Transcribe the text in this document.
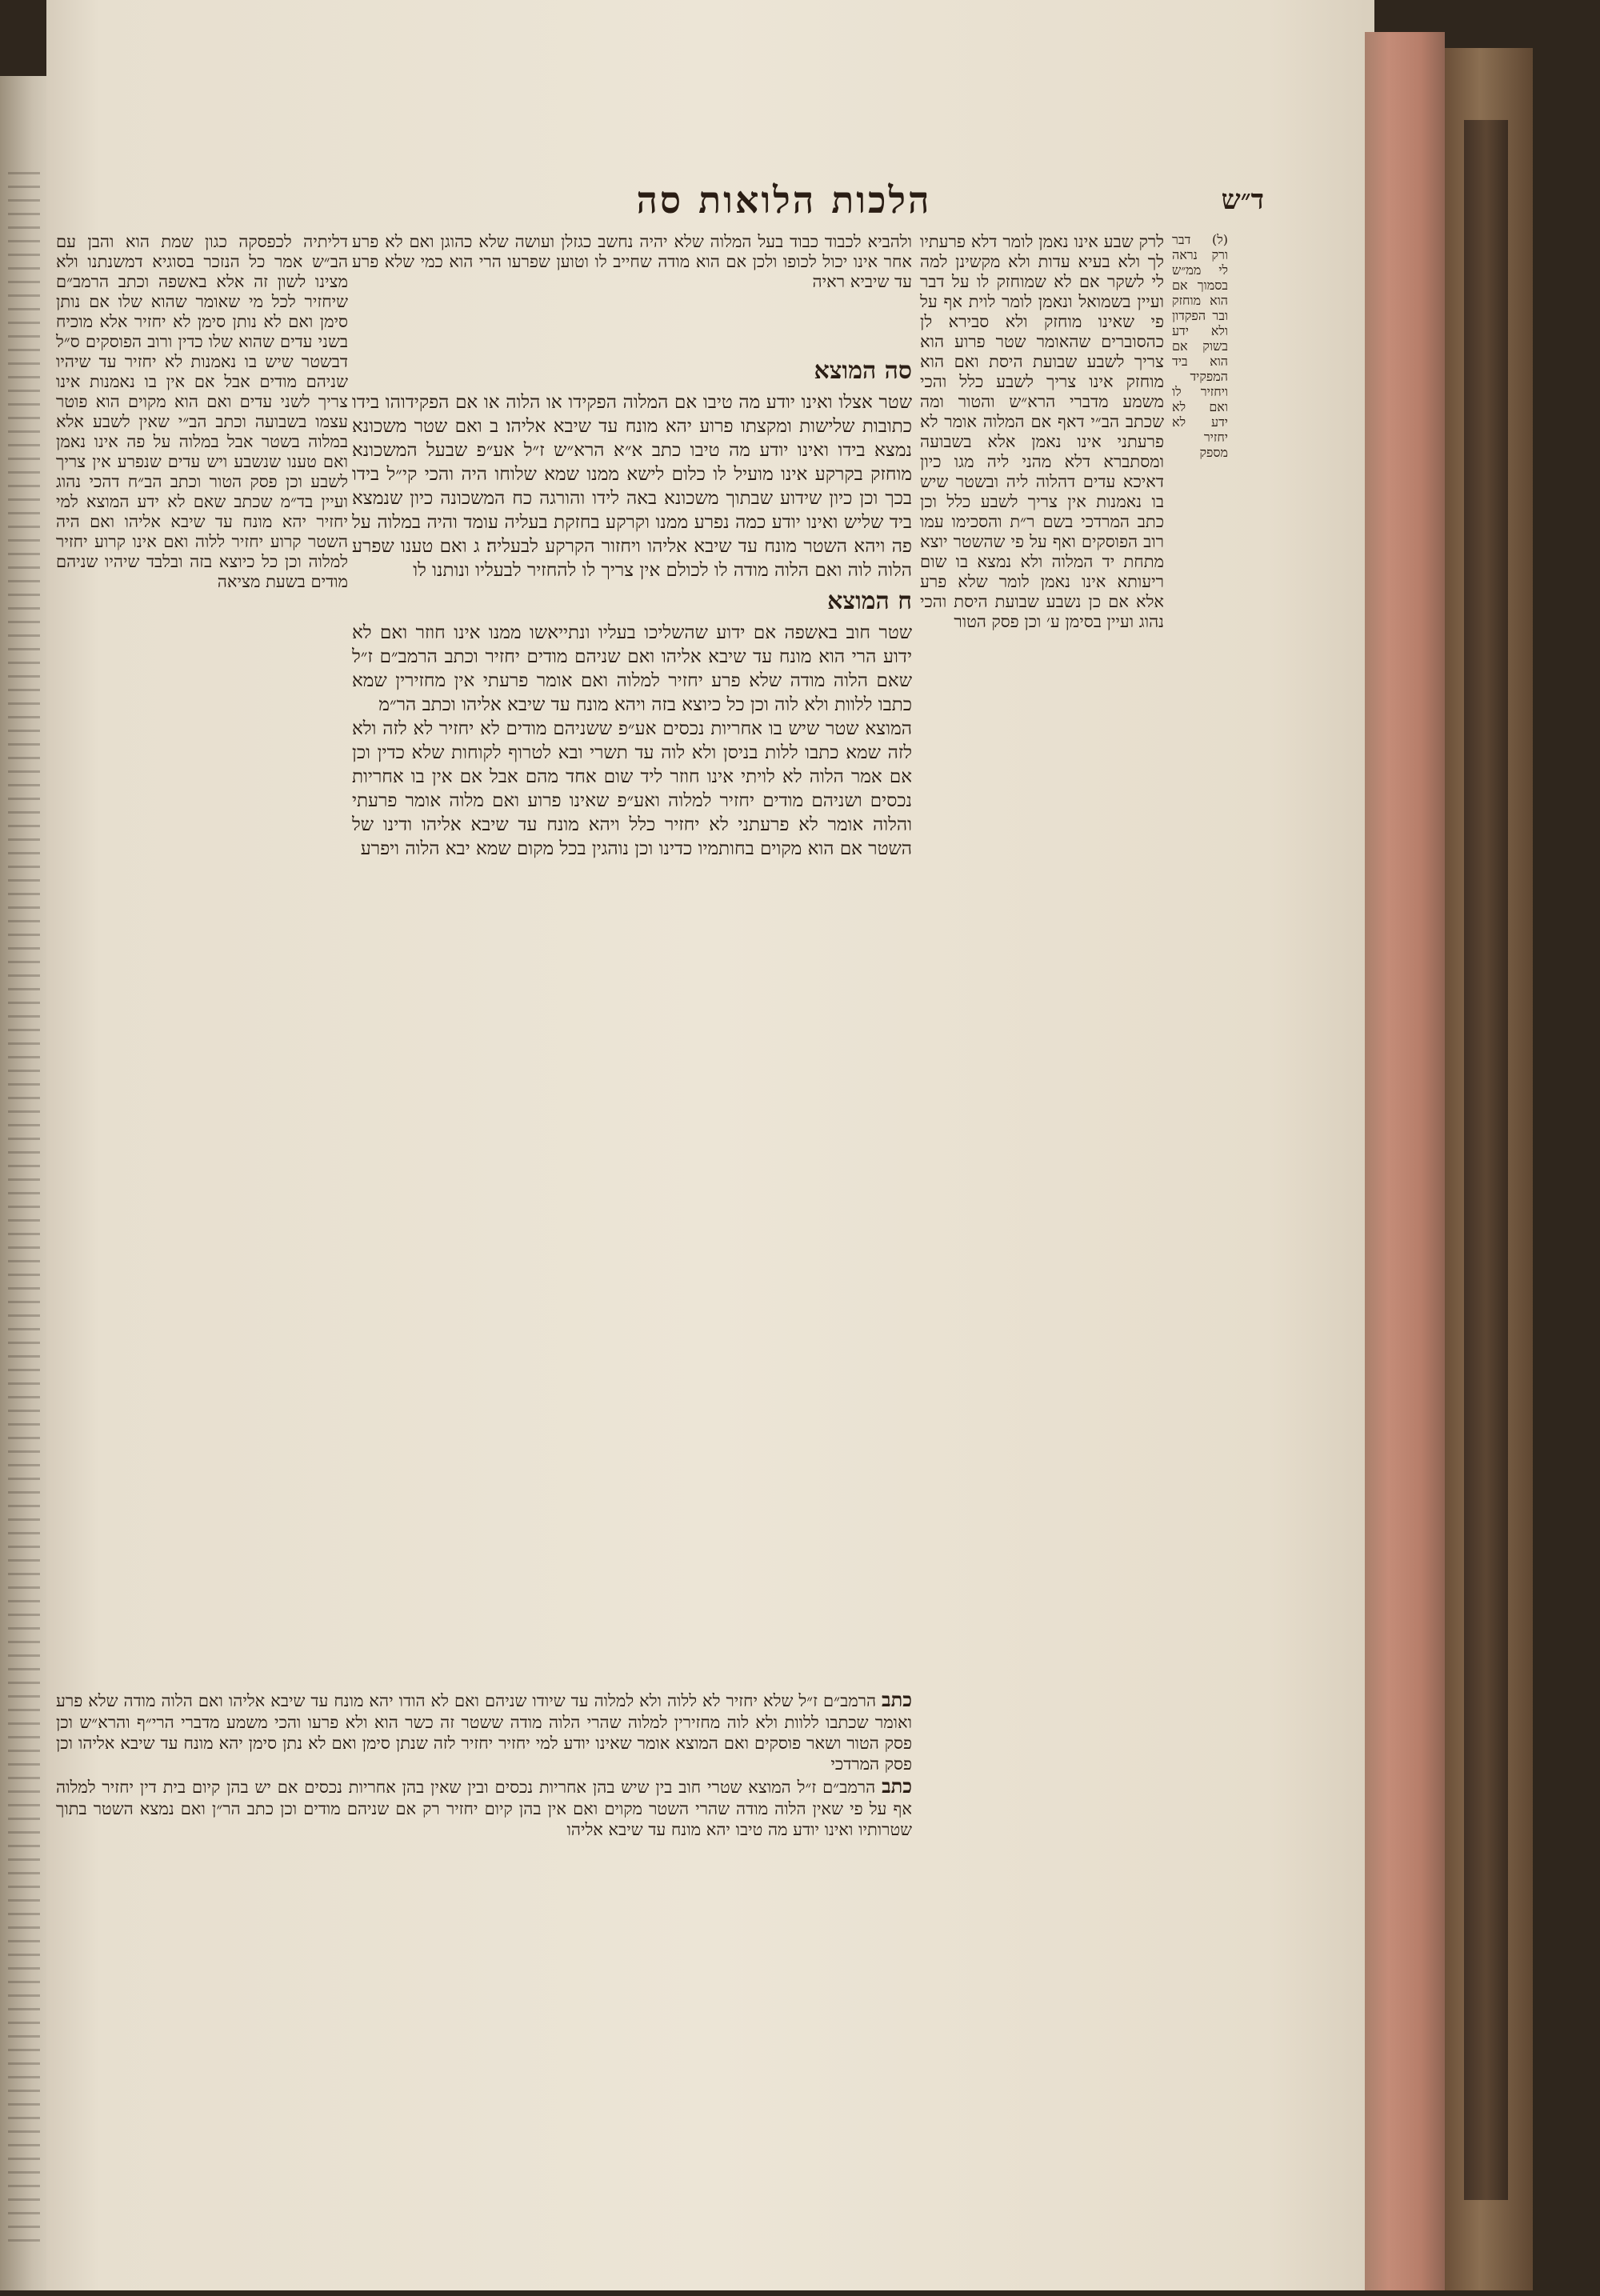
הלכות הלואות סה	ד״ש

(ל) דבר ורק נראה לי ממ״ש בסמוך אם הוא מוחזק ובר הפקדון ולא ידע בשוק אם הוא ביד המפקיד ויחזיר לו ואם לא ידע לא יחזיר מספק

לרק שבע אינו נאמן לומר דלא פרעתיו לך ולא בעיא עדות ולא מקשינן למה לי לשקר אם לא שמוחזק לו על דבר ועיין בשמואל ונאמן לומר לוית אף על פי שאינו מוחזק ולא סבירא לן כהסוברים שהאומר שטר פרוע הוא צריך לשבע שבועת היסת ואם הוא מוחזק אינו צריך לשבע כלל והכי משמע מדברי הרא״ש והטור ומה שכתב הב״י דאף אם המלוה אומר לא פרעתני אינו נאמן אלא בשבועה ומסתברא דלא מהני ליה מגו כיון דאיכא עדים דהלוה ליה ובשטר שיש בו נאמנות אין צריך לשבע כלל וכן כתב המרדכי בשם ר״ת והסכימו עמו רוב הפוסקים ואף על פי שהשטר יוצא מתחת יד המלוה ולא נמצא בו שום ריעותא אינו נאמן לומר שלא פרע אלא אם כן נשבע שבועת היסת והכי נהוג ועיין בסימן ע׳ וכן פסק הטור

ולהביא לכבוד כבוד בעל המלוה שלא יהיה נחשב כגזלן ועושה שלא כהוגן ואם לא פרע אחר אינו יכול לכופו ולכן אם הוא מודה שחייב לו וטוען שפרעו הרי הוא כמי שלא פרע עד שיביא ראיה

סה המוצא

שטר אצלו ואינו יודע מה טיבו אם המלוה הפקידו או הלוה או אם הפקידוהו בידו כתובות שלישות ומקצתו פרוע יהא מונח עד שיבא אליהו׃ ב ואם שטר משכונא נמצא בידו ואינו יודע מה טיבו כתב א״א הרא״ש ז״ל אע״פ שבעל המשכונא מוחזק בקרקע אינו מועיל לו כלום לישא ממנו שמא שלוחו היה והכי קי״ל בידו בכך וכן כיון שידוע שבתוך משכונא באה לידו והורגה כח המשכונה כיון שנמצא ביד שליש ואינו יודע כמה נפרע ממנו וקרקע בחזקת בעליה עומד והיה במלוה על פה ויהא השטר מונח עד שיבא אליהו ויחזור הקרקע לבעליה׃ ג ואם טענו שפרע הלוה לוה ואם הלוה מודה לו לכולם אין צריך לו להחזיר לבעליו ונותנו לו

ח המוצא

שטר חוב באשפה אם ידוע שהשליכו בעליו ונתייאשו ממנו אינו חוזר ואם לא ידוע הרי הוא מונח עד שיבא אליהו ואם שניהם מודים יחזיר וכתב הרמב״ם ז״ל שאם הלוה מודה שלא פרע יחזיר למלוה ואם אומר פרעתי אין מחזירין שמא כתבו ללוות ולא לוה וכן כל כיוצא בזה ויהא מונח עד שיבא אליהו וכתב הר״מ

המוצא שטר שיש בו אחריות נכסים אע״פ ששניהם מודים לא יחזיר לא לזה ולא לזה שמא כתבו ללות בניסן ולא לוה עד תשרי ובא לטרוף לקוחות שלא כדין וכן אם אמר הלוה לא לויתי אינו חוזר ליד שום אחד מהם אבל אם אין בו אחריות נכסים ושניהם מודים יחזיר למלוה ואע״פ שאינו פרוע ואם מלוה אומר פרעתי והלוה אומר לא פרעתני לא יחזיר כלל ויהא מונח עד שיבא אליהו ודינו של השטר אם הוא מקוים בחותמיו כדינו וכן נוהגין בכל מקום שמא יבא הלוה ויפרע

דליתיה לכפסקה כגון שמת הוא והבן עם הב״ש אמר כל הנזכר בסוגיא דמשנתנו ולא מצינו לשון זה אלא באשפה וכתב הרמב״ם שיחזיר לכל מי שאומר שהוא שלו אם נותן סימן ואם לא נותן סימן לא יחזיר אלא מוכיח בשני עדים שהוא שלו כדין ורוב הפוסקים ס״ל דבשטר שיש בו נאמנות לא יחזיר עד שיהיו שניהם מודים אבל אם אין בו נאמנות אינו צריך לשני עדים ואם הוא מקוים הוא פוטר עצמו בשבועה וכתב הב״י שאין לשבע אלא במלוה בשטר אבל במלוה על פה אינו נאמן ואם טענו שנשבע ויש עדים שנפרע אין צריך לשבע וכן פסק הטור וכתב הב״ח דהכי נהוג ועיין בד״מ שכתב שאם לא ידע המוצא למי יחזיר יהא מונח עד שיבא אליהו ואם היה השטר קרוע יחזיר ללוה ואם אינו קרוע יחזיר למלוה וכן כל כיוצא בזה ובלבד שיהיו שניהם מודים בשעת מציאה

כתב הרמב״ם ז״ל שלא יחזיר לא ללוה ולא למלוה עד שיודו שניהם ואם לא הודו יהא מונח עד שיבא אליהו ואם הלוה מודה שלא פרע ואומר שכתבו ללוות ולא לוה מחזירין למלוה שהרי הלוה מודה ששטר זה כשר הוא ולא פרעו והכי משמע מדברי הרי״ף והרא״ש וכן פסק הטור ושאר פוסקים ואם המוצא אומר שאינו יודע למי יחזיר יחזיר לזה שנתן סימן ואם לא נתן סימן יהא מונח עד שיבא אליהו וכן פסק המרדכי

כתב הרמב״ם ז״ל המוצא שטרי חוב בין שיש בהן אחריות נכסים ובין שאין בהן אחריות נכסים אם יש בהן קיום בית דין יחזיר למלוה אף על פי שאין הלוה מודה שהרי השטר מקוים ואם אין בהן קיום יחזיר רק אם שניהם מודים וכן כתב הר״ן ואם נמצא השטר בתוך שטרותיו ואינו יודע מה טיבו יהא מונח עד שיבא אליהו
